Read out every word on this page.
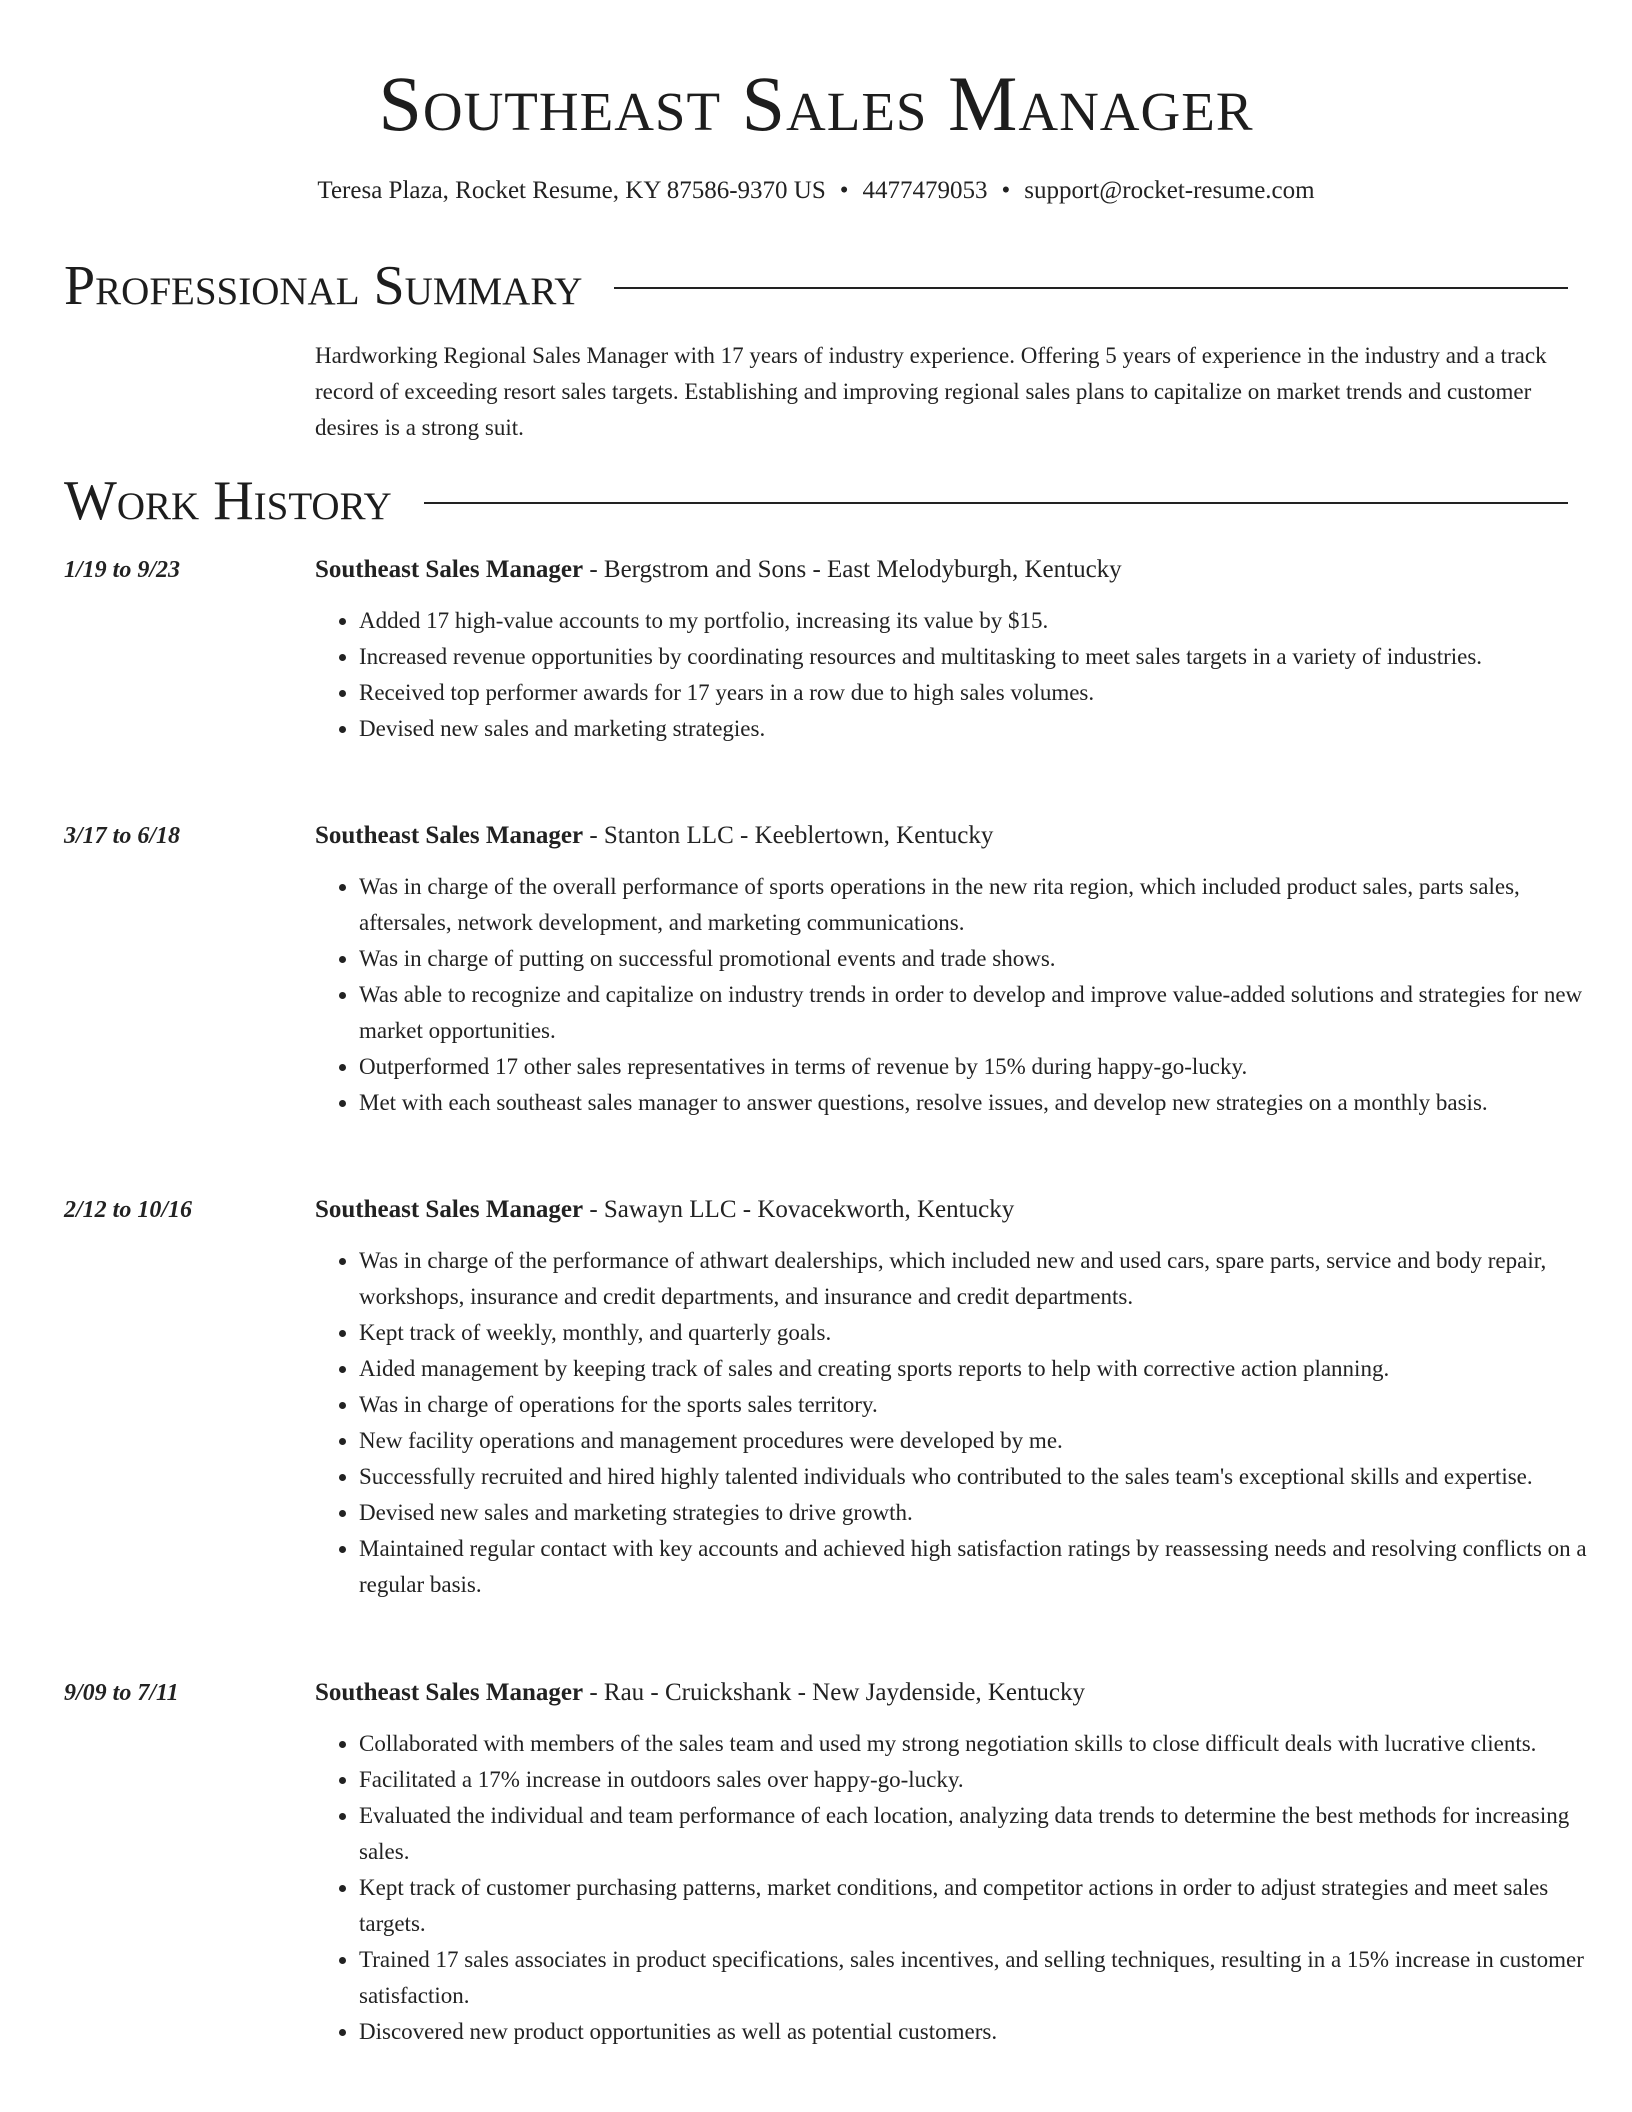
Southeast Sales Manager
Teresa Plaza, Rocket Resume, KY 87586-9370 US • 4477479053 • support@rocket-resume.com
Professional Summary

Hardworking Regional Sales Manager with 17 years of industry experience. Offering 5 years of experience in the industry and a track record of exceeding resort sales targets. Establishing and improving regional sales plans to capitalize on market trends and customer desires is a strong suit.

Work History
1/19 to 9/23	Southeast Sales Manager - Bergstrom and Sons - East Melodyburgh, Kentucky
• Added 17 high-value accounts to my portfolio, increasing its value by $15.
• Increased revenue opportunities by coordinating resources and multitasking to meet sales targets in a variety of industries.
• Received top performer awards for 17 years in a row due to high sales volumes.
• Devised new sales and marketing strategies.
3/17 to 6/18	Southeast Sales Manager - Stanton LLC - Keeblertown, Kentucky
• Was in charge of the overall performance of sports operations in the new rita region, which included product sales, parts sales, aftersales, network development, and marketing communications.
• Was in charge of putting on successful promotional events and trade shows.
• Was able to recognize and capitalize on industry trends in order to develop and improve value-added solutions and strategies for new market opportunities.
• Outperformed 17 other sales representatives in terms of revenue by 15% during happy-go-lucky.
• Met with each southeast sales manager to answer questions, resolve issues, and develop new strategies on a monthly basis.
2/12 to 10/16	Southeast Sales Manager - Sawayn LLC - Kovacekworth, Kentucky
• Was in charge of the performance of athwart dealerships, which included new and used cars, spare parts, service and body repair, workshops, insurance and credit departments, and insurance and credit departments.
• Kept track of weekly, monthly, and quarterly goals.
• Aided management by keeping track of sales and creating sports reports to help with corrective action planning.
• Was in charge of operations for the sports sales territory.
• New facility operations and management procedures were developed by me.
• Successfully recruited and hired highly talented individuals who contributed to the sales team's exceptional skills and expertise.
• Devised new sales and marketing strategies to drive growth.
• Maintained regular contact with key accounts and achieved high satisfaction ratings by reassessing needs and resolving conflicts on a regular basis.
9/09 to 7/11	Southeast Sales Manager - Rau - Cruickshank - New Jaydenside, Kentucky
• Collaborated with members of the sales team and used my strong negotiation skills to close difficult deals with lucrative clients.
• Facilitated a 17% increase in outdoors sales over happy-go-lucky.
• Evaluated the individual and team performance of each location, analyzing data trends to determine the best methods for increasing sales.
• Kept track of customer purchasing patterns, market conditions, and competitor actions in order to adjust strategies and meet sales targets.
• Trained 17 sales associates in product specifications, sales incentives, and selling techniques, resulting in a 15% increase in customer satisfaction.
• Discovered new product opportunities as well as potential customers.
